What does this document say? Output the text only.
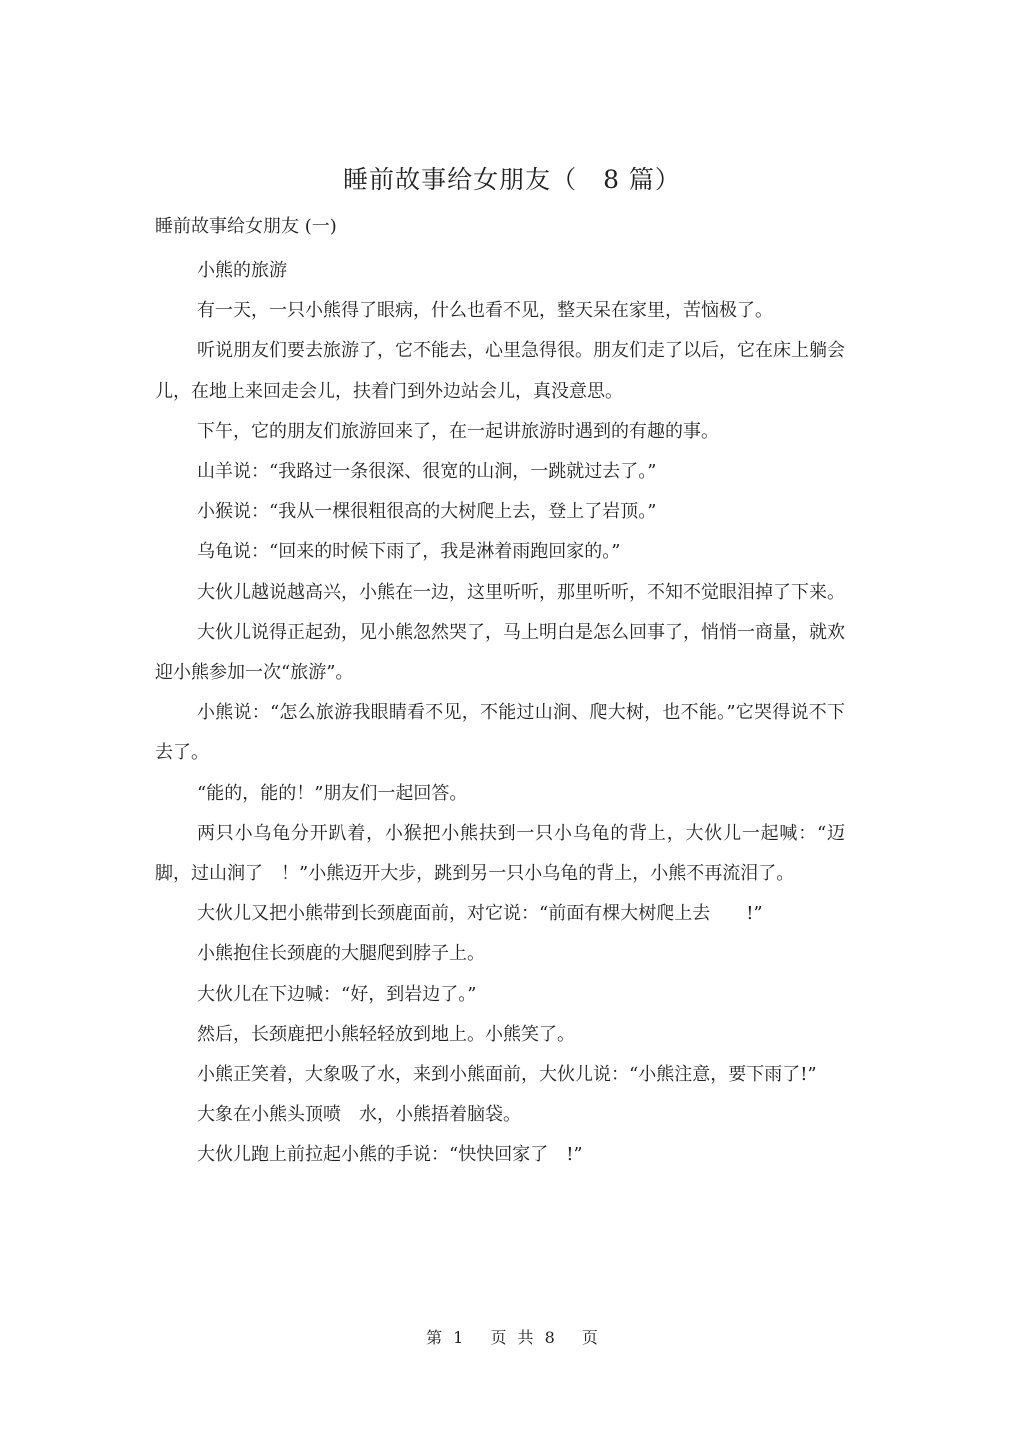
睡前故事给女朋友（　8 篇）
睡前故事给女朋友 (一)

小熊的旅游

有一天，一只小熊得了眼病，什么也看不见，整天呆在家里，苦恼极了。

听说朋友们要去旅游了，它不能去，心里急得很。朋友们走了以后，它在床上躺会儿，在地上来回走会儿，扶着门到外边站会儿，真没意思。

下午，它的朋友们旅游回来了，在一起讲旅游时遇到的有趣的事。

山羊说：“我路过一条很深、很宽的山涧，一跳就过去了。”

小猴说：“我从一棵很粗很高的大树爬上去，登上了岩顶。”

乌龟说：“回来的时候下雨了，我是淋着雨跑回家的。”

大伙儿越说越高兴，小熊在一边，这里听听，那里听听，不知不觉眼泪掉了下来。

大伙儿说得正起劲，见小熊忽然哭了，马上明白是怎么回事了，悄悄一商量，就欢迎小熊参加一次“旅游”。

小熊说：“怎么旅游我眼睛看不见，不能过山涧、爬大树，也不能。”它哭得说不下去了。

“能的，能的！”朋友们一起回答。

两只小乌龟分开趴着，小猴把小熊扶到一只小乌龟的背上，大伙儿一起喊：“迈脚，过山涧了　！”小熊迈开大步，跳到另一只小乌龟的背上，小熊不再流泪了。

大伙儿又把小熊带到长颈鹿面前，对它说：“前面有棵大树爬上去　　!”

小熊抱住长颈鹿的大腿爬到脖子上。

大伙儿在下边喊：“好，到岩边了。”

然后，长颈鹿把小熊轻轻放到地上。小熊笑了。

小熊正笑着，大象吸了水，来到小熊面前，大伙儿说：“小熊注意，要下雨了!”

大象在小熊头顶喷　水，小熊捂着脑袋。

大伙儿跑上前拉起小熊的手说：“快快回家了　!”

第 1　 页 共 8　 页
